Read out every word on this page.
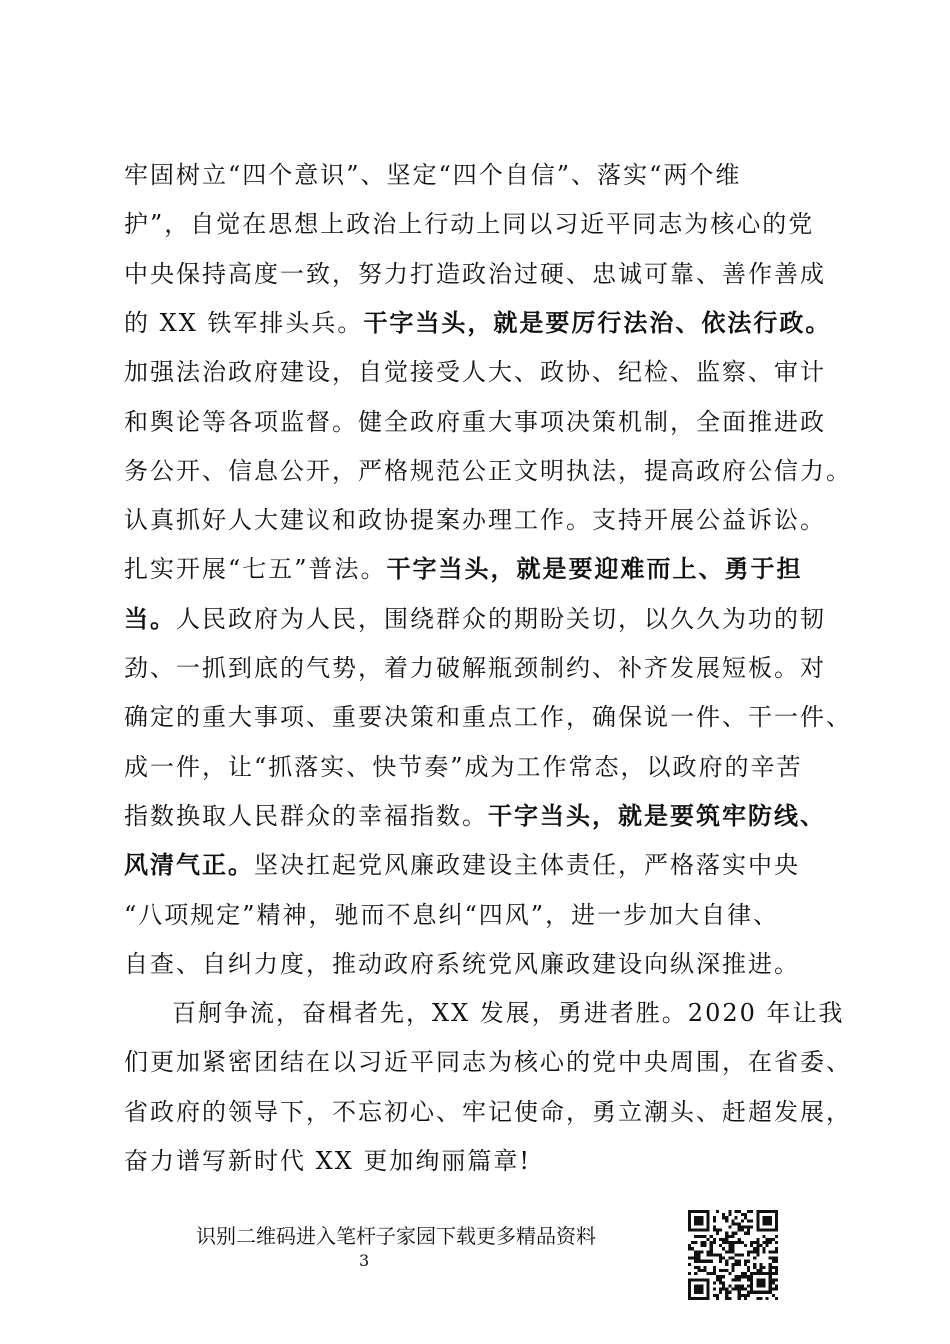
牢固树立“四个意识”、坚定“四个自信”、落实“两个维
护”，自觉在思想上政治上行动上同以习近平同志为核心的党
中央保持高度一致，努力打造政治过硬、忠诚可靠、善作善成
的 XX 铁军排头兵。干字当头，就是要厉行法治、依法行政。
加强法治政府建设，自觉接受人大、政协、纪检、监察、审计
和舆论等各项监督。健全政府重大事项决策机制，全面推进政
务公开、信息公开，严格规范公正文明执法，提高政府公信力。
认真抓好人大建议和政协提案办理工作。支持开展公益诉讼。
扎实开展“七五”普法。干字当头，就是要迎难而上、勇于担
当。人民政府为人民，围绕群众的期盼关切，以久久为功的韧
劲、一抓到底的气势，着力破解瓶颈制约、补齐发展短板。对
确定的重大事项、重要决策和重点工作，确保说一件、干一件、
成一件，让“抓落实、快节奏”成为工作常态，以政府的辛苦
指数换取人民群众的幸福指数。干字当头，就是要筑牢防线、
风清气正。坚决扛起党风廉政建设主体责任，严格落实中央
“八项规定”精神，驰而不息纠“四风”，进一步加大自律、
自查、自纠力度，推动政府系统党风廉政建设向纵深推进。
百舸争流，奋楫者先，XX 发展，勇进者胜。2020 年让我
们更加紧密团结在以习近平同志为核心的党中央周围，在省委、
省政府的领导下，不忘初心、牢记使命，勇立潮头、赶超发展，
奋力谱写新时代 XX 更加绚丽篇章!
识别二维码进入笔杆子家园下载更多精品资料
3
